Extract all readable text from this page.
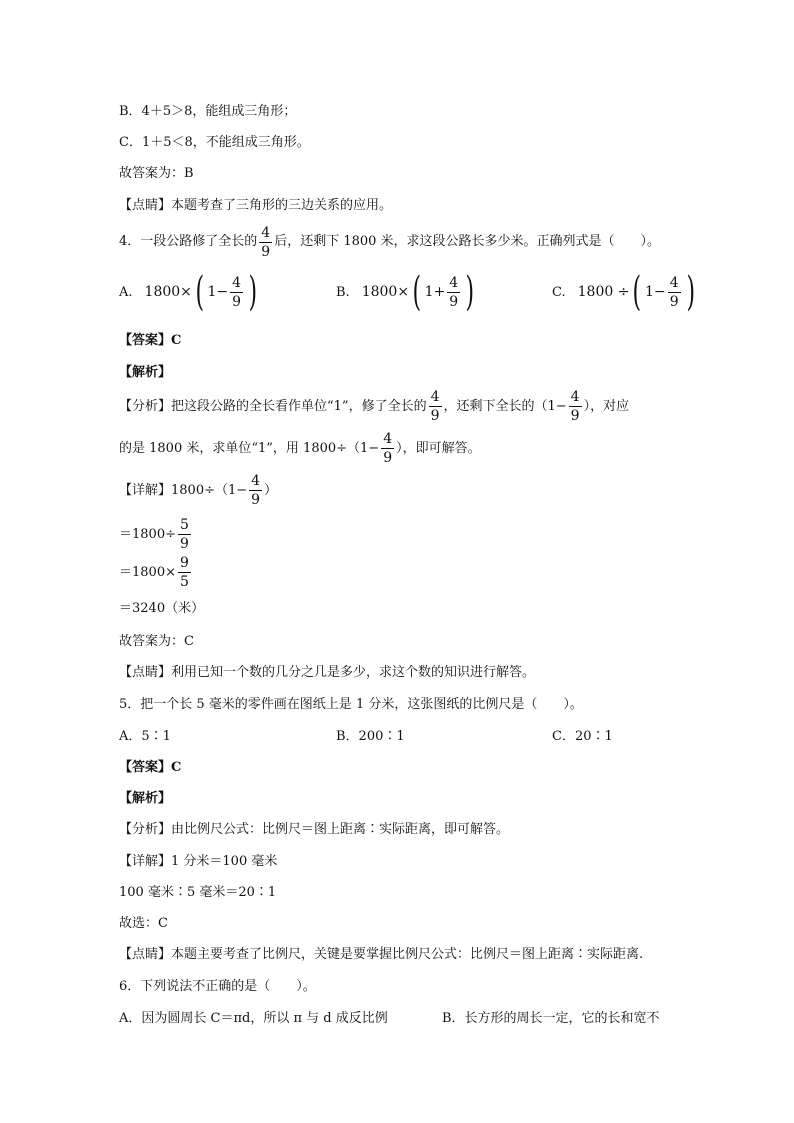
B．4＋5＞8，能组成三角形；
C．1＋5＜8，不能组成三角形。
故答案为：B
【点睛】本题考查了三角形的三边关系的应用。
4．一段公路修了全长的 $\frac{4}{9}$ 后，还剩下 1800 米，求这段公路长多少米。正确列式是（　　）。
A. 1800× ( $1- \frac{4}{9}$ )	B. 1800× ( $1+ \frac{4}{9}$ )	C. 1800 ÷ ( $1- \frac{4}{9}$ )
【答案】C
【解析】
【分析】把这段公路的全长看作单位“1”，修了全长的 $\frac{4}{9}$ ，还剩下全长的（$1- \frac{4}{9}$ ），对应
的是 1800 米，求单位“1”，用 $1800\div(1- \frac{4}{9}$ ），即可解答。
【详解】$1800\div(1- \frac{4}{9}$ ）
$=1800\div \frac{5}{9}$
$=1800\times \frac{9}{5}$
＝3240（米）
故答案为：C
【点睛】利用已知一个数的几分之几是多少，求这个数的知识进行解答。
5．把一个长 5 毫米的零件画在图纸上是 1 分米，这张图纸的比例尺是（　　）。
A．5∶1	B．200∶1	C．20∶1
【答案】C
【解析】
【分析】由比例尺公式：比例尺＝图上距离∶实际距离，即可解答。
【详解】1 分米＝100 毫米
100 毫米∶5 毫米＝20∶1
故选：C
【点睛】本题主要考查了比例尺，关键是要掌握比例尺公式：比例尺＝图上距离∶实际距离.
6．下列说法不正确的是（　　）。
A．因为圆周长 C＝πd，所以 π 与 d 成反比例	B．长方形的周长一定，它的长和宽不
